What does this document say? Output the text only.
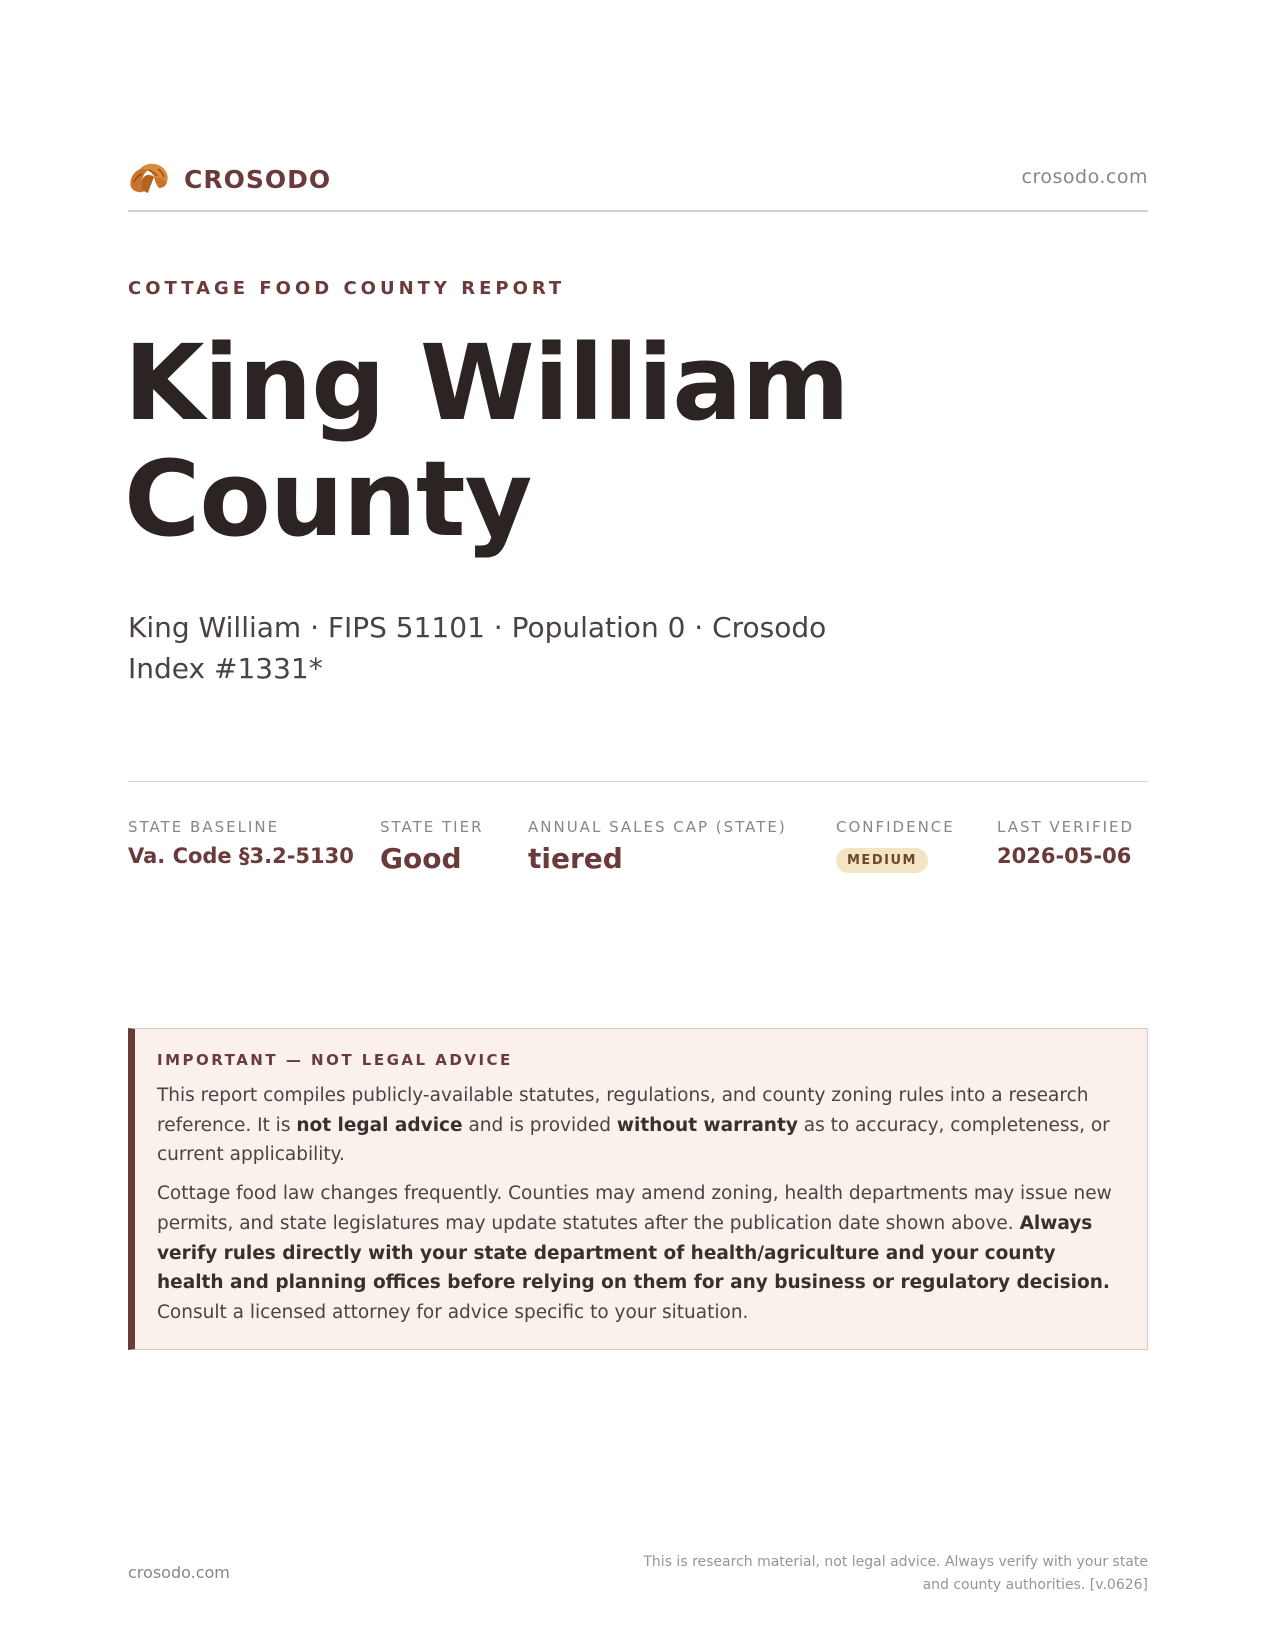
CROSODO	crosodo.com
COTTAGE FOOD COUNTY REPORT
King William
County
King William · FIPS 51101 · Population 0 · Crosodo Index #1331*
STATE BASELINE
Va. Code §3.2-5130
STATE TIER
Good
ANNUAL SALES CAP (STATE)
tiered
CONFIDENCE
MEDIUM
LAST VERIFIED
2026-05-06
IMPORTANT — NOT LEGAL ADVICE

This report compiles publicly-available statutes, regulations, and county zoning rules into a research reference. It is not legal advice and is provided without warranty as to accuracy, completeness, or current applicability.

Cottage food law changes frequently. Counties may amend zoning, health departments may issue new permits, and state legislatures may update statutes after the publication date shown above. Always verify rules directly with your state department of health/agriculture and your county health and planning offices before relying on them for any business or regulatory decision. Consult a licensed attorney for advice specific to your situation.

crosodo.com
This is research material, not legal advice. Always verify with your state
and county authorities. [v.0626]
